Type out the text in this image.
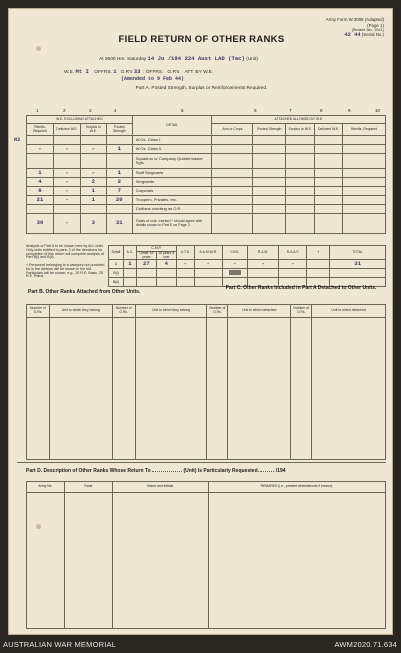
Army Form W.3008 (Adapted)
(Page 1)
(Revised Jan., 1943.)
42 44 (Serial No.)
FIELD RETURN OF OTHER RANKS
At 0600 Hrs. Saturday 14 Ju /194 224 Aust LAD (Tac) (Unit)
W.E. Mt I OFFRS. 1 O.R's 33  : OFFRS. O.R's ATT. BY W.E.
(Amended to 9 Feb 44)
Part A. Posted Strength, Surplus or Reinforcements Required.
1	2	3	4	5	6	7	8	9	10
N3
W.E. EXCLUDING ATTACHED				DETAIL	ATTACHED ALLOWED BY W.E.				
Reinfts. Required	Deficient W.E.	Surplus to W.E.	Posted Strength		Arm or Corps	Posted Strength	Surplus to W.E.	Deficient W.E.	Reinfts. Required
				W.Os. Class I.					
-	-	-	1	W.Os. Class II.					
				Squadron or Company Quartermaster Sgts					
1	-	-	1	Staff Sergeants					
4	-	2	2	Sergeants					
6	-	1	7	Corporals					
21	-	1	20	Troopers, Privates, etc.					
				Civilians counting as O.R.					
30	-	3	31	Totals of cols. marked * should agree with details shown in Part E on Page 2.					
Analysis of Part A to be shown here by ALL units. Only units entitled to para. 3 of the directions for completion of this return will complete analysis of Part B(i) and B(ii).
† Personnel belonging to a category not provided for in the division will be shown in the bld. Particulars will be shown, e.g., 20 R.E. Basic, 20 R.E. Pdtns.
Detail	A.C.	C.M.P.		A.T.S.	A.A.M.W.R.	CIVIL	R.A.M.	R.A.A.F.	†	TOTAL
		Under 18 years	18 years & over							
A	1	27	4	-	-	-	-	-		31
B(i)										
B(ii)										
Part B. Other Ranks Attached from Other Units.
Part C. Other Ranks Included in Part A Detached to Other Units.
Number of O.Rs.	Unit to which they belong	Number of O.Rs.	Unit to which they belong	Number of O.Rs.	Unit to which detached	Number of O.Rs.	Unit to which detached

Part D. Description of Other Ranks Whose Return To	(Unit) Is Particularly Requested.	/194
Army No.	Rank	Name and Initials	REMARKS (i.e., present whereabouts if known).

AUSTRALIAN WAR MEMORIAL	AWM2020.71.634
